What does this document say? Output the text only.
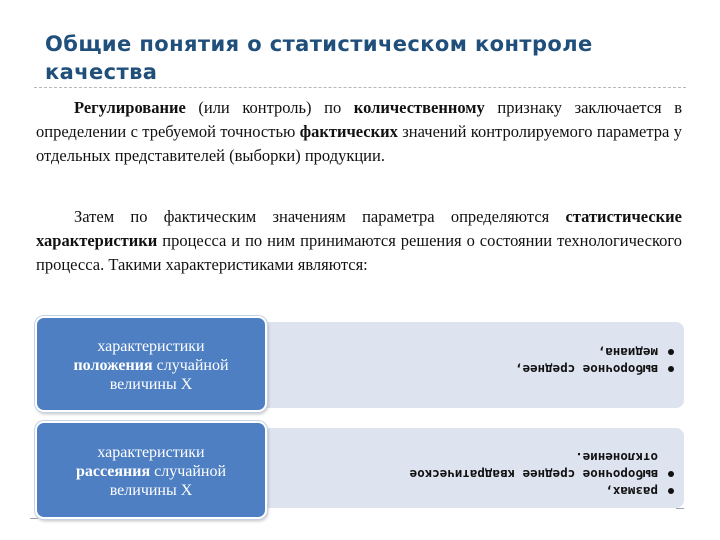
Общие понятия о статистическом контроле качества
Регулирование (или контроль) по количественному признаку заключается в определении с требуемой точностью фактических значений контролируемого параметра у отдельных представителей (выборки) продукции.
Затем по фактическим значениям параметра определяются статистические характеристики процесса и по ним принимаются решения о состоянии технологического процесса. Такими характеристиками являются:
выборочное среднее,
медиана,
характеристики
положения случайной
величины Х
размах,
выборочное среднее квадратическое отклонение.
характеристики
рассеяния случайной
величины Х
